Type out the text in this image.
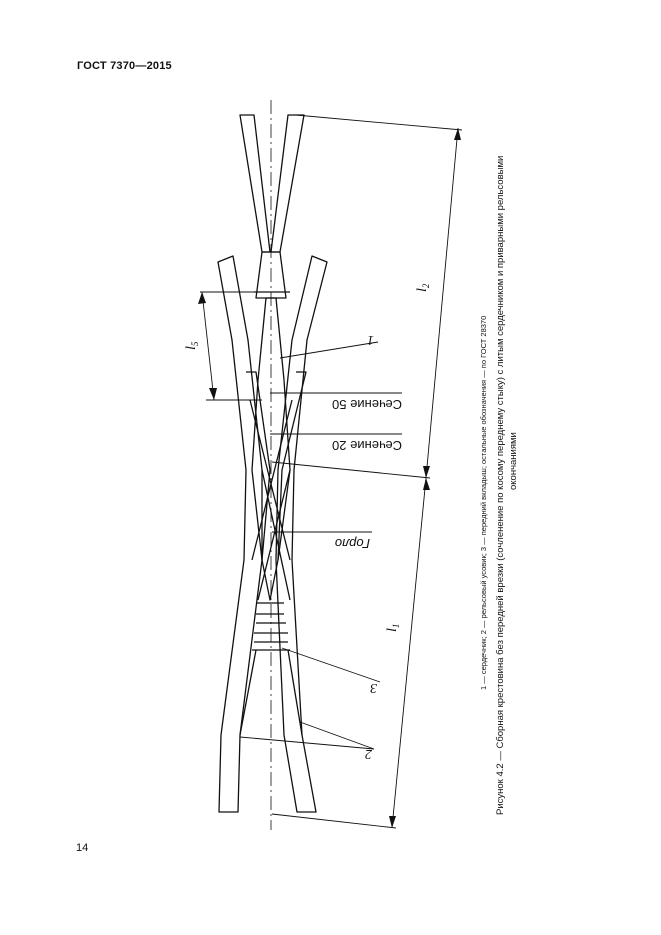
ГОСТ 7370—2015
1
3
2
$l_2$
$l_1$
$l_5$
Сечение 50
Сечение 20
Горло	1 — сердечник; 2 — рельсовый усовик; 3 — передний вкладыш; остальные обозначения — по ГОСТ 28370 Рисунок 4.2 — Сборная крестовина без передней врезки (сочленение по косому переднему стыку) с литым сердечником и приварными рельсовыми окончаниями
14
